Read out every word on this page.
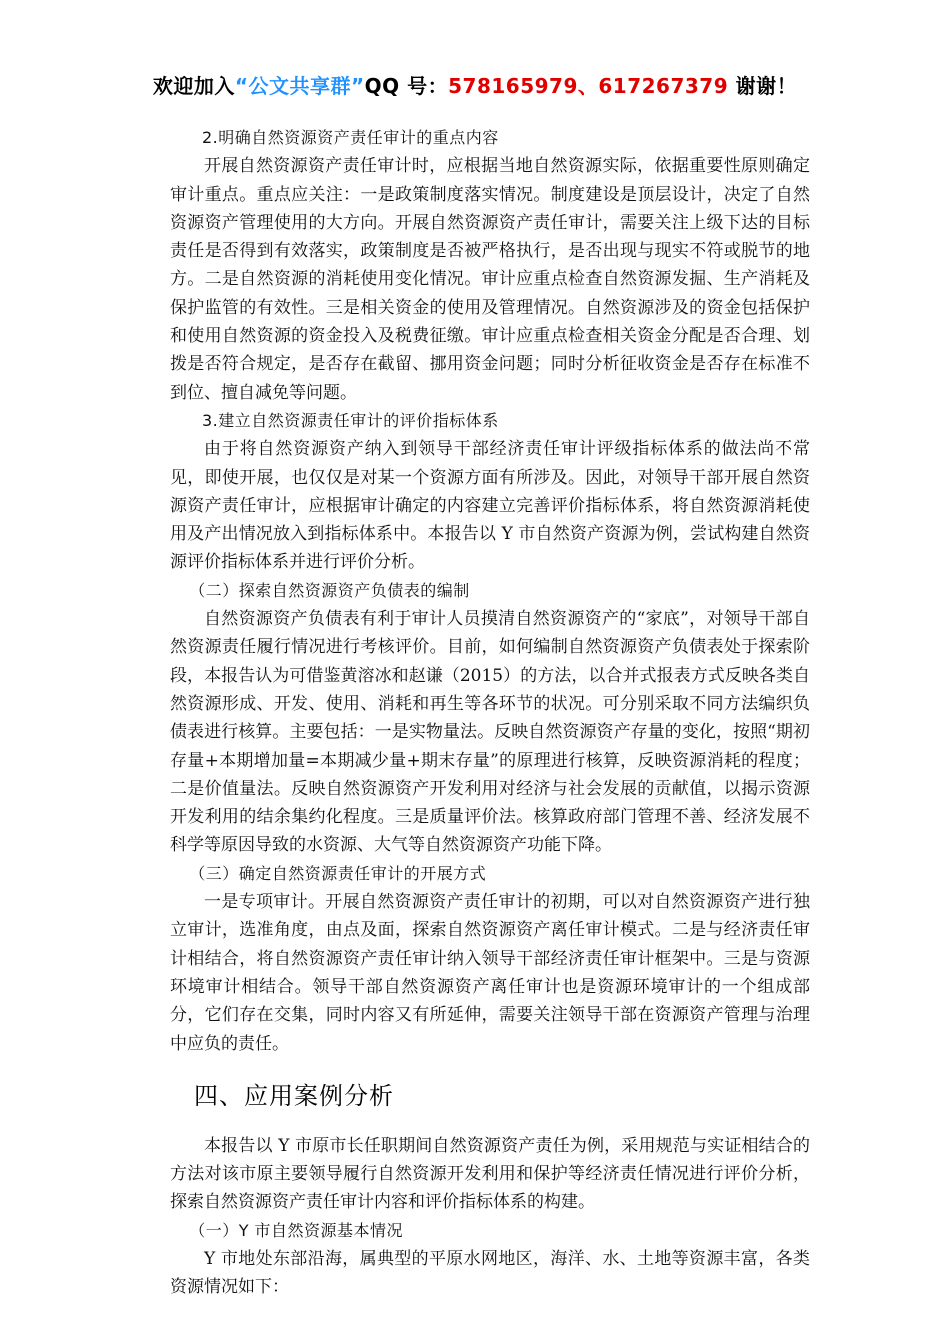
欢迎加入“公文共享群”QQ 号：578165979、617267379 谢谢！

2.明确自然资源资产责任审计的重点内容

开展自然资源资产责任审计时，应根据当地自然资源实际，依据重要性原则确定审计重点。重点应关注：一是政策制度落实情况。制度建设是顶层设计，决定了自然资源资产管理使用的大方向。开展自然资源资产责任审计，需要关注上级下达的目标责任是否得到有效落实，政策制度是否被严格执行，是否出现与现实不符或脱节的地方。二是自然资源的消耗使用变化情况。审计应重点检查自然资源发掘、生产消耗及保护监管的有效性。三是相关资金的使用及管理情况。自然资源涉及的资金包括保护和使用自然资源的资金投入及税费征缴。审计应重点检查相关资金分配是否合理、划拨是否符合规定，是否存在截留、挪用资金问题；同时分析征收资金是否存在标准不到位、擅自减免等问题。

3.建立自然资源责任审计的评价指标体系

由于将自然资源资产纳入到领导干部经济责任审计评级指标体系的做法尚不常见，即使开展，也仅仅是对某一个资源方面有所涉及。因此，对领导干部开展自然资源资产责任审计，应根据审计确定的内容建立完善评价指标体系，将自然资源消耗使用及产出情况放入到指标体系中。本报告以 Y 市自然资产资源为例，尝试构建自然资源评价指标体系并进行评价分析。

（二）探索自然资源资产负债表的编制

自然资源资产负债表有利于审计人员摸清自然资源资产的“家底”，对领导干部自然资源责任履行情况进行考核评价。目前，如何编制自然资源资产负债表处于探索阶段，本报告认为可借鉴黄溶冰和赵谦（2015）的方法，以合并式报表方式反映各类自然资源形成、开发、使用、消耗和再生等各环节的状况。可分别采取不同方法编织负债表进行核算。主要包括：一是实物量法。反映自然资源资产存量的变化，按照“期初存量+本期增加量=本期减少量+期末存量”的原理进行核算，反映资源消耗的程度；二是价值量法。反映自然资源资产开发利用对经济与社会发展的贡献值，以揭示资源开发利用的结余集约化程度。三是质量评价法。核算政府部门管理不善、经济发展不科学等原因导致的水资源、大气等自然资源资产功能下降。

（三）确定自然资源责任审计的开展方式

一是专项审计。开展自然资源资产责任审计的初期，可以对自然资源资产进行独立审计，选准角度，由点及面，探索自然资源资产离任审计模式。二是与经济责任审计相结合，将自然资源资产责任审计纳入领导干部经济责任审计框架中。三是与资源环境审计相结合。领导干部自然资源资产离任审计也是资源环境审计的一个组成部分，它们存在交集，同时内容又有所延伸，需要关注领导干部在资源资产管理与治理中应负的责任。

四、应用案例分析

本报告以 Y 市原市长任职期间自然资源资产责任为例，采用规范与实证相结合的方法对该市原主要领导履行自然资源开发利用和保护等经济责任情况进行评价分析，探索自然资源资产责任审计内容和评价指标体系的构建。

（一）Y 市自然资源基本情况

Y 市地处东部沿海，属典型的平原水网地区，海洋、水、土地等资源丰富，各类资源情况如下：
